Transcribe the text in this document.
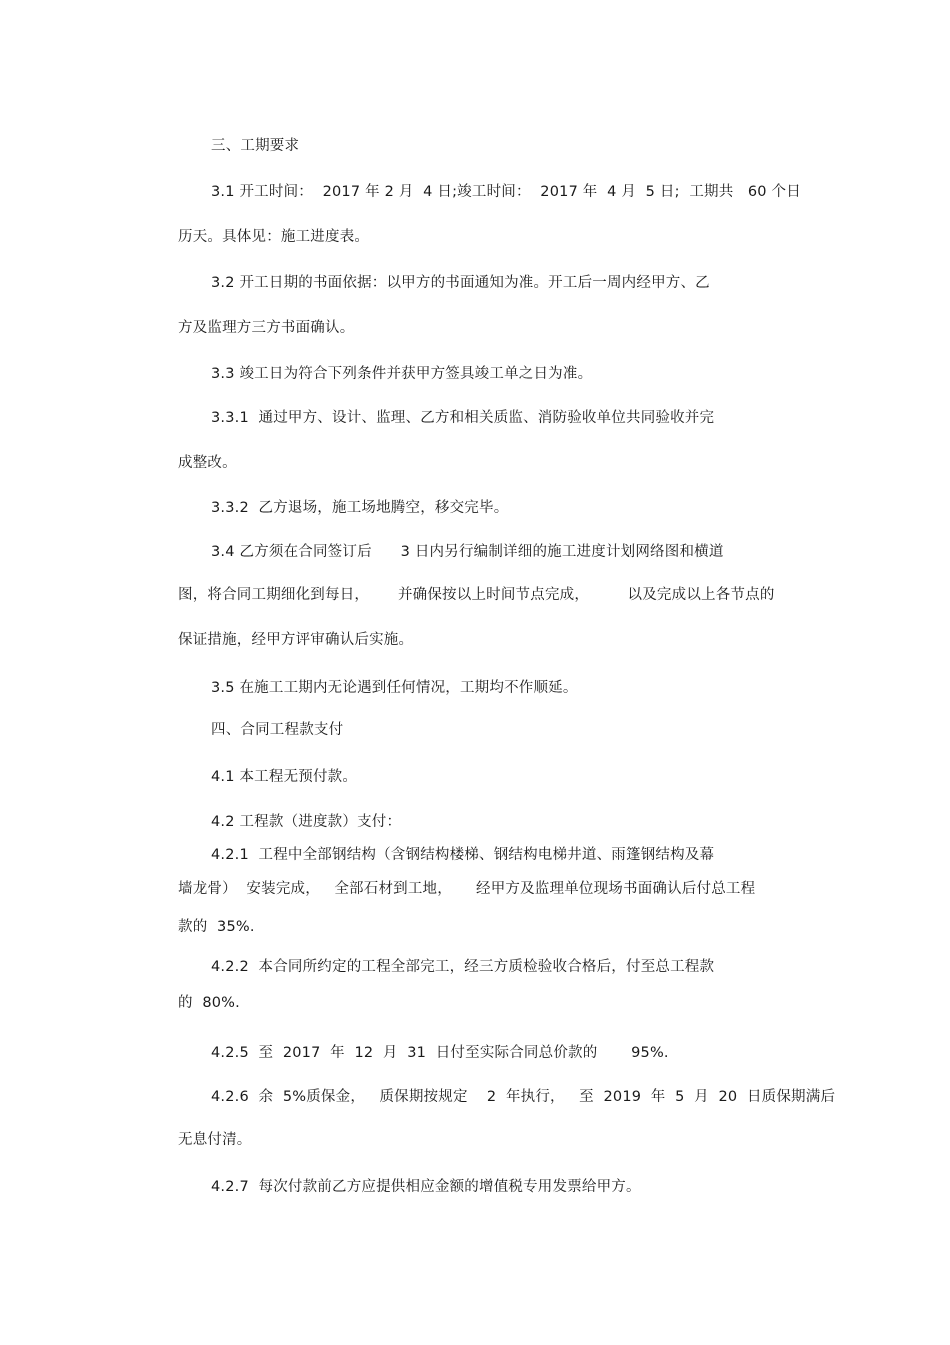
三、工期要求
3.1 开工时间：  2017 年 2 月  4 日;竣工时间：  2017 年  4 月  5 日;  工期共   60 个日
历天。具体见：施工进度表。
3.2 开工日期的书面依据：以甲方的书面通知为准。开工后一周内经甲方、乙
方及监理方三方书面确认。
3.3 竣工日为符合下列条件并获甲方签具竣工单之日为准。
3.3.1  通过甲方、设计、监理、乙方和相关质监、消防验收单位共同验收并完
成整改。
3.3.2  乙方退场，施工场地腾空，移交完毕。
3.4 乙方须在合同签订后      3 日内另行编制详细的施工进度计划网络图和横道
图，将合同工期细化到每日，      并确保按以上时间节点完成，        以及完成以上各节点的
保证措施，经甲方评审确认后实施。
3.5 在施工工期内无论遇到任何情况，工期均不作顺延。
四、合同工程款支付
4.1 本工程无预付款。
4.2 工程款（进度款）支付：
4.2.1  工程中全部钢结构（含钢结构楼梯、钢结构电梯井道、雨篷钢结构及幕
墙龙骨）  安装完成，   全部石材到工地，     经甲方及监理单位现场书面确认后付总工程
款的  35%.
4.2.2  本合同所约定的工程全部完工，经三方质检验收合格后，付至总工程款
的  80%.
4.2.5  至  2017  年  12  月  31  日付至实际合同总价款的       95%.
4.2.6  余  5%质保金，   质保期按规定    2  年执行，   至  2019  年  5  月  20  日质保期满后
无息付清。
4.2.7  每次付款前乙方应提供相应金额的增值税专用发票给甲方。
